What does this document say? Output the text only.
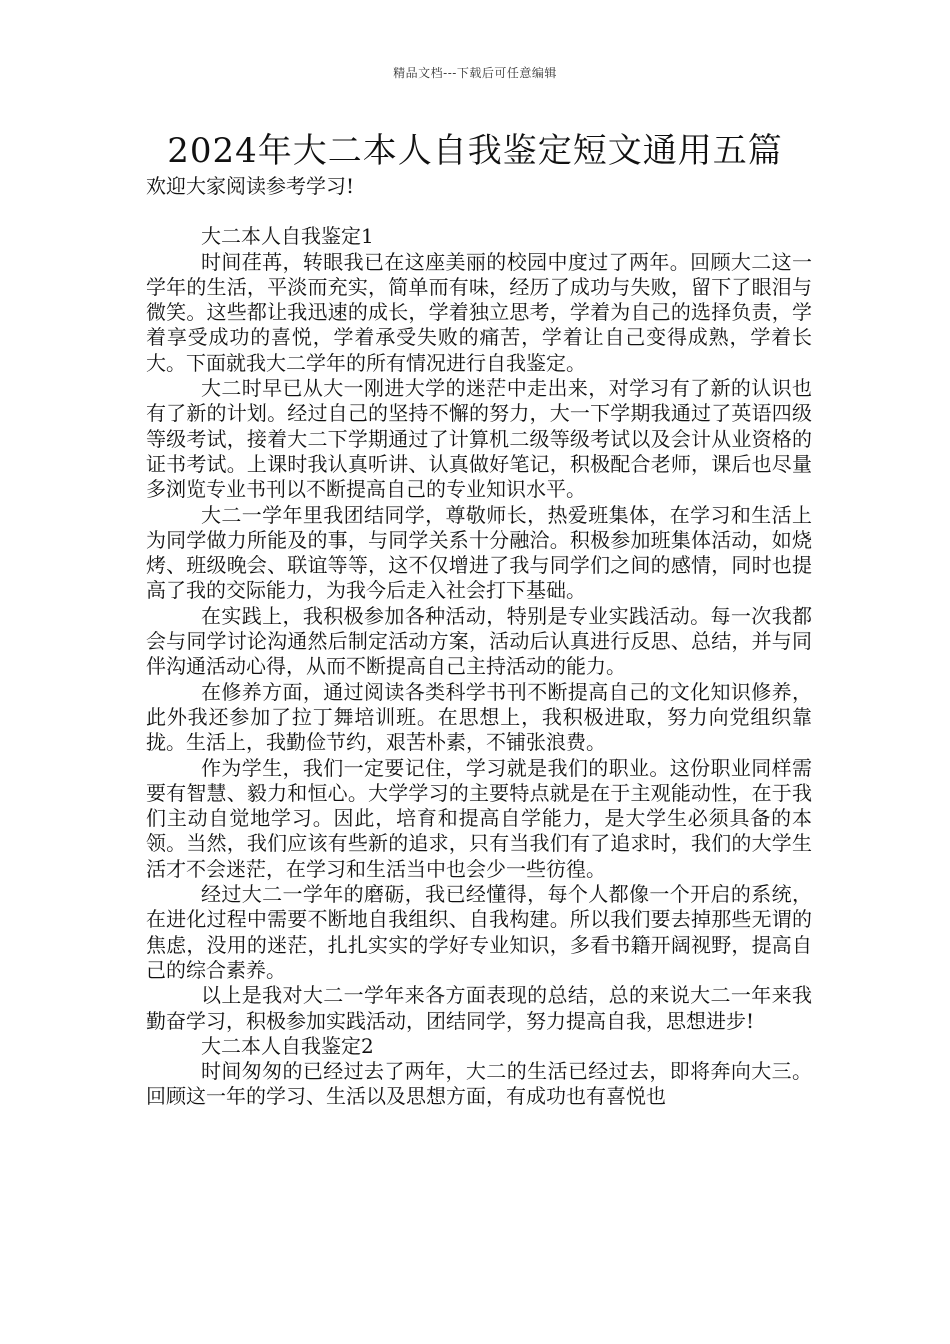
精品文档---下载后可任意编辑
2024年大二本人自我鉴定短文通用五篇

欢迎大家阅读参考学习!

大二本人自我鉴定1

时间荏苒，转眼我已在这座美丽的校园中度过了两年。回顾大二这一学年的生活，平淡而充实，简单而有味，经历了成功与失败，留下了眼泪与微笑。这些都让我迅速的成长，学着独立思考，学着为自己的选择负责，学着享受成功的喜悦，学着承受失败的痛苦，学着让自己变得成熟，学着长大。下面就我大二学年的所有情况进行自我鉴定。

大二时早已从大一刚进大学的迷茫中走出来，对学习有了新的认识也有了新的计划。经过自己的坚持不懈的努力，大一下学期我通过了英语四级等级考试，接着大二下学期通过了计算机二级等级考试以及会计从业资格的证书考试。上课时我认真听讲、认真做好笔记，积极配合老师，课后也尽量多浏览专业书刊以不断提高自己的专业知识水平。

大二一学年里我团结同学，尊敬师长，热爱班集体，在学习和生活上为同学做力所能及的事，与同学关系十分融洽。积极参加班集体活动，如烧烤、班级晚会、联谊等等，这不仅增进了我与同学们之间的感情，同时也提高了我的交际能力，为我今后走入社会打下基础。

在实践上，我积极参加各种活动，特别是专业实践活动。每一次我都会与同学讨论沟通然后制定活动方案，活动后认真进行反思、总结，并与同伴沟通活动心得，从而不断提高自己主持活动的能力。

在修养方面，通过阅读各类科学书刊不断提高自己的文化知识修养，此外我还参加了拉丁舞培训班。在思想上，我积极进取，努力向党组织靠拢。生活上，我勤俭节约，艰苦朴素，不铺张浪费。

作为学生，我们一定要记住，学习就是我们的职业。这份职业同样需要有智慧、毅力和恒心。大学学习的主要特点就是在于主观能动性，在于我们主动自觉地学习。因此，培育和提高自学能力，是大学生必须具备的本领。当然，我们应该有些新的追求，只有当我们有了追求时，我们的大学生活才不会迷茫，在学习和生活当中也会少一些彷徨。

经过大二一学年的磨砺，我已经懂得，每个人都像一个开启的系统，在进化过程中需要不断地自我组织、自我构建。所以我们要去掉那些无谓的焦虑，没用的迷茫，扎扎实实的学好专业知识，多看书籍开阔视野，提高自己的综合素养。

以上是我对大二一学年来各方面表现的总结，总的来说大二一年来我勤奋学习，积极参加实践活动，团结同学，努力提高自我，思想进步!

大二本人自我鉴定2

时间匆匆的已经过去了两年，大二的生活已经过去，即将奔向大三。回顾这一年的学习、生活以及思想方面，有成功也有喜悦也
